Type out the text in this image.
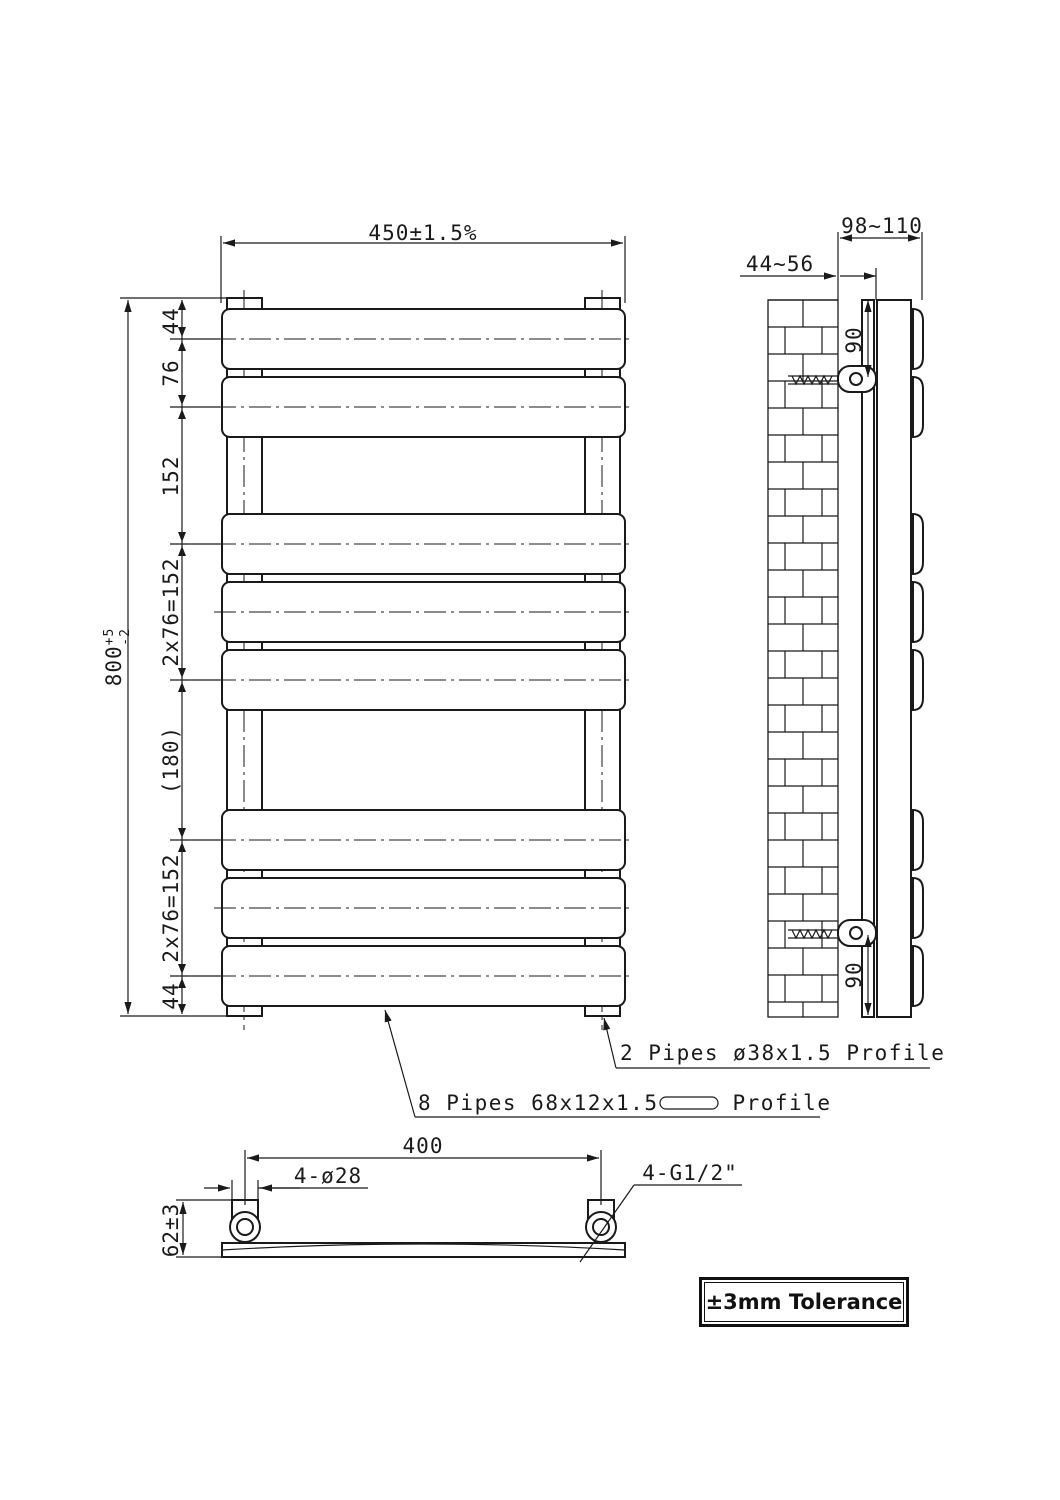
450±1.5%
$800^{+5}-2$
44
76
152
2x76=152
(180)
2x76=152
44
98~110
44~56
90
90
2 Pipes ø38x1.5 Profile
8 Pipes 68x12x1.5	Profile
400
4-ø28	4-G1/2"
62±3
±3mm Tolerance
